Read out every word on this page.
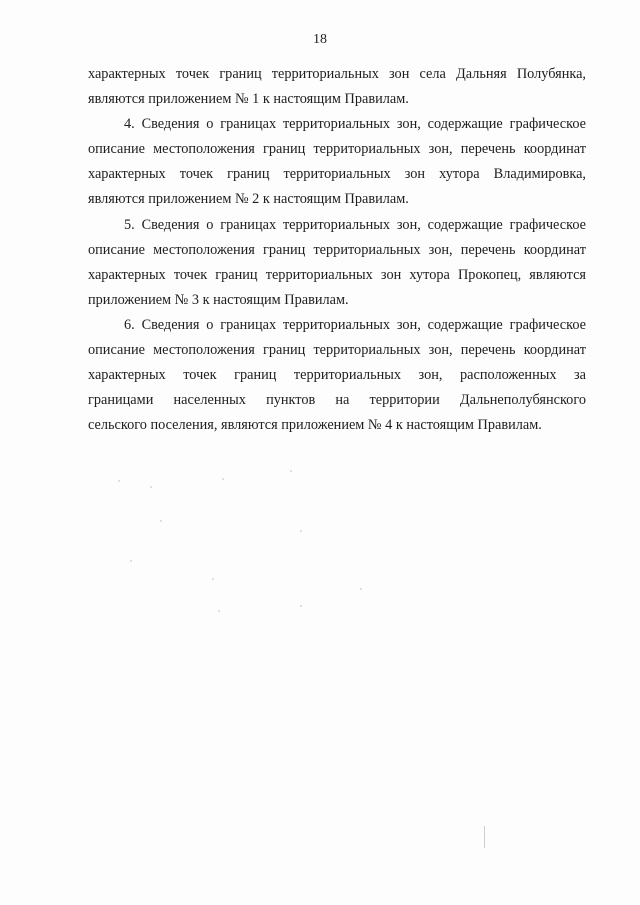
18

характерных точек границ территориальных зон села Дальняя Полубянка,
являются приложением № 1 к настоящим Правилам.

4. Сведения о границах территориальных зон, содержащие графическое
описание местоположения границ территориальных зон, перечень координат
характерных точек границ территориальных зон хутора Владимировка,
являются приложением № 2 к настоящим Правилам.

5. Сведения о границах территориальных зон, содержащие графическое
описание местоположения границ территориальных зон, перечень координат
характерных точек границ территориальных зон хутора Прокопец, являются
приложением № 3 к настоящим Правилам.

6. Сведения о границах территориальных зон, содержащие графическое
описание местоположения границ территориальных зон, перечень координат
характерных точек границ территориальных зон, расположенных за
границами населенных пунктов на территории Дальнеполубянского
сельского поселения, являются приложением № 4 к настоящим Правилам.
